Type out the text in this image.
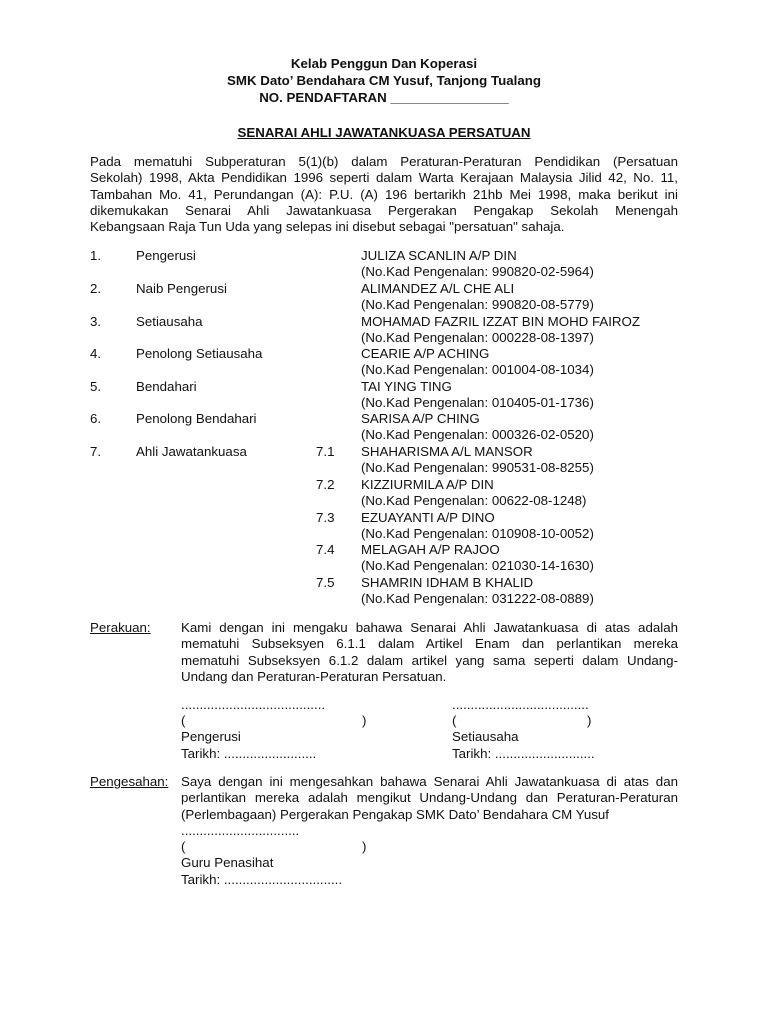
Kelab Penggun Dan Koperasi
SMK Dato’ Bendahara CM Yusuf, Tanjong Tualang
NO. PENDAFTARAN ________________
SENARAI AHLI JAWATANKUASA PERSATUAN
Pada mematuhi Subperaturan 5(1)(b) dalam Peraturan-Peraturan Pendidikan (Persatuan
Sekolah) 1998, Akta Pendidikan 1996 seperti dalam Warta Kerajaan Malaysia Jilid 42, No. 11,
Tambahan Mo. 41, Perundangan (A): P.U. (A) 196 bertarikh 21hb Mei 1998, maka berikut ini
dikemukakan Senarai Ahli Jawatankuasa Pergerakan Pengakap Sekolah Menengah
Kebangsaan Raja Tun Uda yang selepas ini disebut sebagai "persatuan" sahaja.
1.	Pengerusi	JULIZA SCANLIN A/P DIN
(No.Kad Pengenalan: 990820-02-5964)
2.	Naib Pengerusi	ALIMANDEZ A/L CHE ALI
(No.Kad Pengenalan: 990820-08-5779)
3.	Setiausaha	MOHAMAD FAZRIL IZZAT BIN MOHD FAIROZ
(No.Kad Pengenalan: 000228-08-1397)
4.	Penolong Setiausaha	CEARIE A/P ACHING
(No.Kad Pengenalan: 001004-08-1034)
5.	Bendahari	TAI YING TING
(No.Kad Pengenalan: 010405-01-1736)
6.	Penolong Bendahari	SARISA A/P CHING
(No.Kad Pengenalan: 000326-02-0520)
7.	Ahli Jawatankuasa	7.1 SHAHARISMA A/L MANSOR
(No.Kad Pengenalan: 990531-08-8255)
7.2 KIZZIURMILA A/P DIN
(No.Kad Pengenalan: 00622-08-1248)
7.3 EZUAYANTI A/P DINO
(No.Kad Pengenalan: 010908-10-0052)
7.4 MELAGAH A/P RAJOO
(No.Kad Pengenalan: 021030-14-1630)
7.5 SHAMRIN IDHAM B KHALID
(No.Kad Pengenalan: 031222-08-0889)
Perakuan: Kami dengan ini mengaku bahawa Senarai Ahli Jawatankuasa di atas adalah
mematuhi Subseksyen 6.1.1 dalam Artikel Enam dan perlantikan mereka
mematuhi Subseksyen 6.1.2 dalam artikel yang sama seperti dalam Undang-
Undang dan Peraturan-Peraturan Persatuan.
.......................................
(	)
Pengerusi
Tarikh: .........................
.....................................
(	)
Setiausaha
Tarikh: ...........................
Pengesahan: Saya dengan ini mengesahkan bahawa Senarai Ahli Jawatankuasa di atas dan
perlantikan mereka adalah mengikut Undang-Undang dan Peraturan-Peraturan
(Perlembagaan) Pergerakan Pengakap SMK Dato’ Bendahara CM Yusuf
................................
(	)
Guru Penasihat
Tarikh: ................................
